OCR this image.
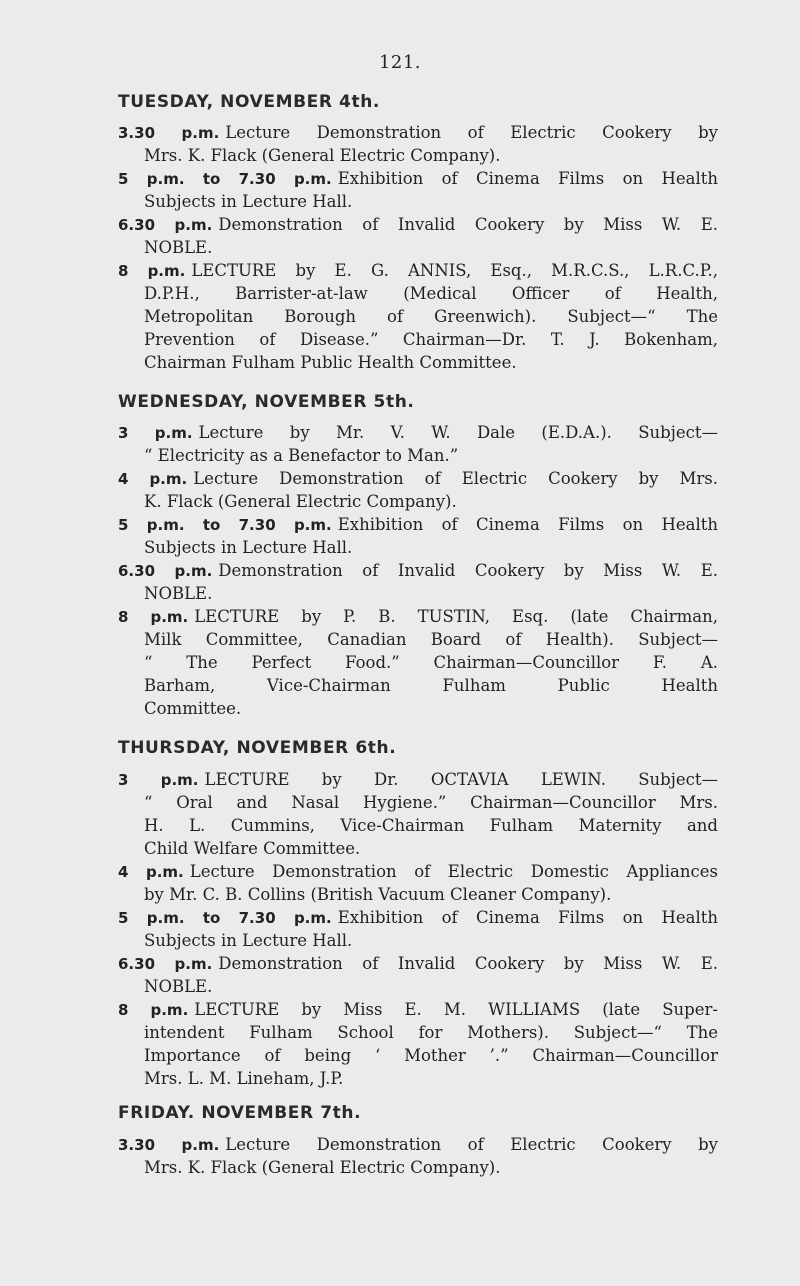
121.
TUESDAY, NOVEMBER 4th.
3.30 p.m. Lecture Demonstration of Electric Cookery by
Mrs. K. Flack (General Electric Company).
5 p.m. to 7.30 p.m. Exhibition of Cinema Films on Health
Subjects in Lecture Hall.
6.30 p.m. Demonstration of Invalid Cookery by Miss W. E.
NOBLE.
8 p.m. LECTURE by E. G. ANNIS, Esq., M.R.C.S., L.R.C.P.,
D.P.H., Barrister-at-law (Medical Officer of Health,
Metropolitan Borough of Greenwich). Subject—“ The
Prevention of Disease.” Chairman—Dr. T. J. Bokenham,
Chairman Fulham Public Health Committee.
WEDNESDAY, NOVEMBER 5th.
3 p.m. Lecture by Mr. V. W. Dale (E.D.A.). Subject—
“ Electricity as a Benefactor to Man.”
4 p.m. Lecture Demonstration of Electric Cookery by Mrs.
K. Flack (General Electric Company).
5 p.m. to 7.30 p.m. Exhibition of Cinema Films on Health
Subjects in Lecture Hall.
6.30 p.m. Demonstration of Invalid Cookery by Miss W. E.
NOBLE.
8 p.m. LECTURE by P. B. TUSTIN, Esq. (late Chairman,
Milk Committee, Canadian Board of Health). Subject—
“ The Perfect Food.” Chairman—Councillor F. A.
Barham, Vice-Chairman Fulham Public Health
Committee.
THURSDAY, NOVEMBER 6th.
3 p.m. LECTURE by Dr. OCTAVIA LEWIN. Subject—
“ Oral and Nasal Hygiene.” Chairman—Councillor Mrs.
H. L. Cummins, Vice-Chairman Fulham Maternity and
Child Welfare Committee.
4 p.m. Lecture Demonstration of Electric Domestic Appliances
by Mr. C. B. Collins (British Vacuum Cleaner Company).
5 p.m. to 7.30 p.m. Exhibition of Cinema Films on Health
Subjects in Lecture Hall.
6.30 p.m. Demonstration of Invalid Cookery by Miss W. E.
NOBLE.
8 p.m. LECTURE by Miss E. M. WILLIAMS (late Super-
intendent Fulham School for Mothers). Subject—“ The
Importance of being ‘ Mother ’.” Chairman—Councillor
Mrs. L. M. Lineham, J.P.
FRIDAY. NOVEMBER 7th.
3.30 p.m. Lecture Demonstration of Electric Cookery by
Mrs. K. Flack (General Electric Company).
